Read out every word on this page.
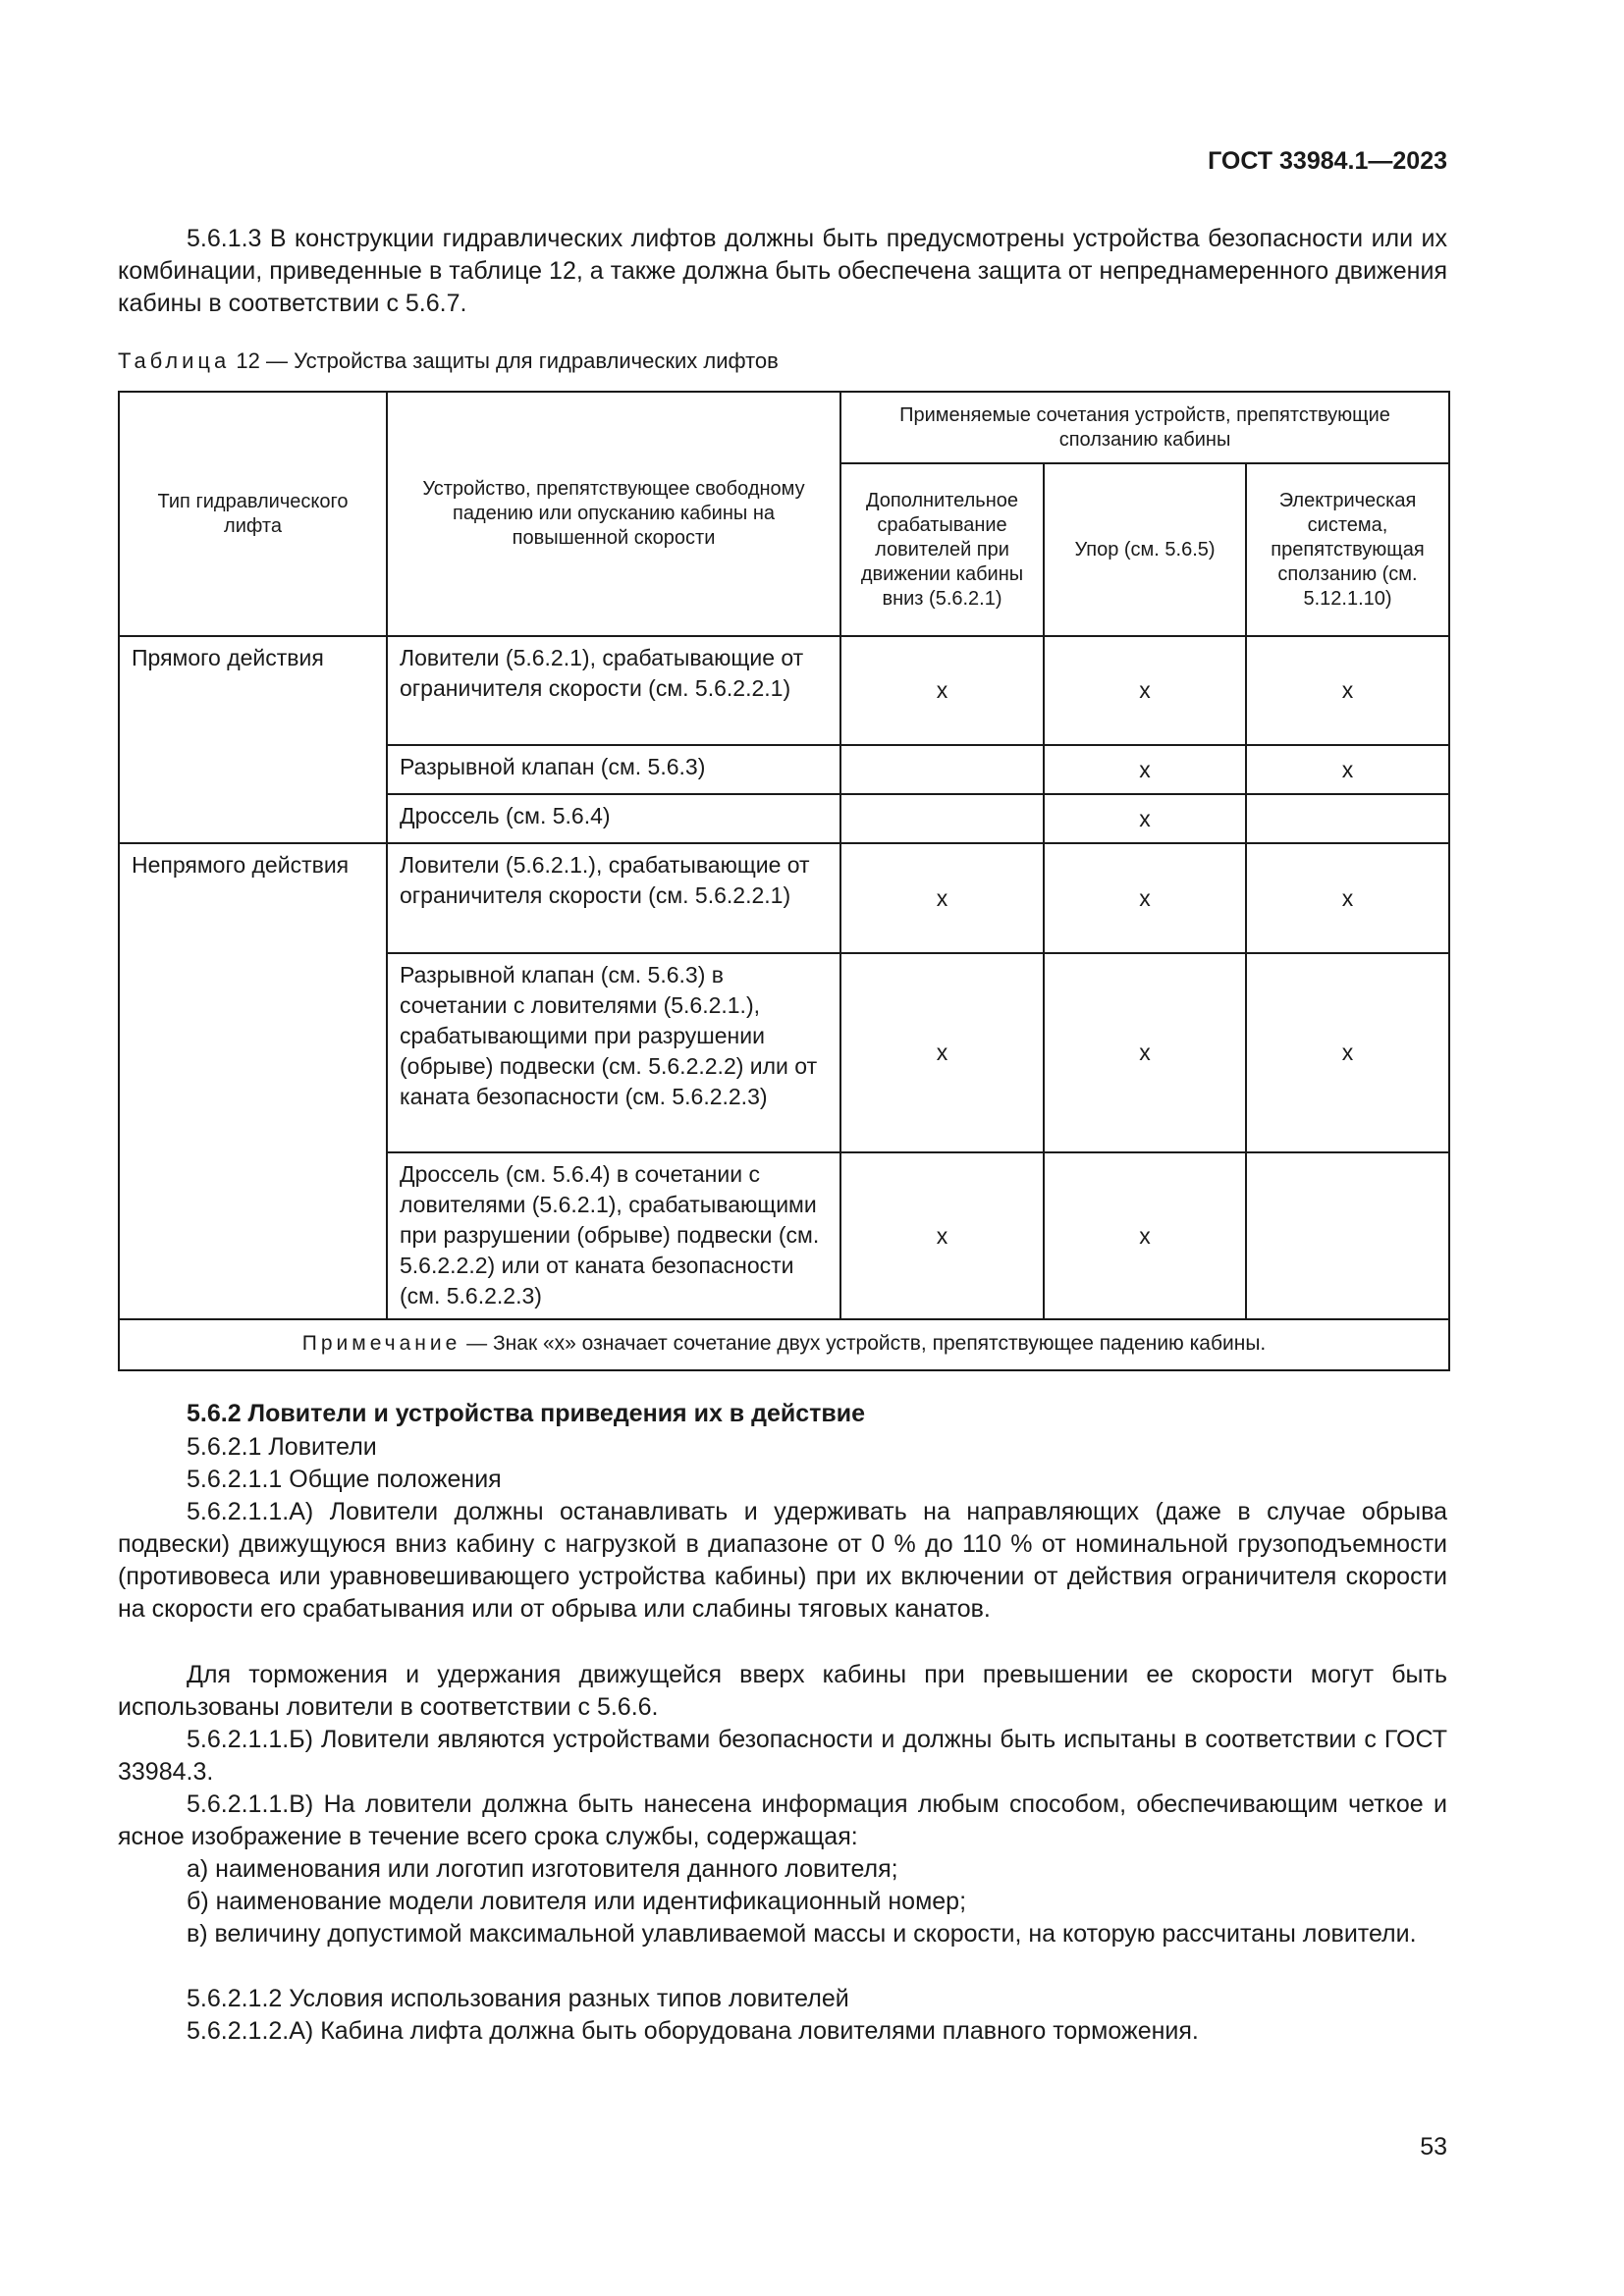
ГОСТ 33984.1—2023

5.6.1.3 В конструкции гидравлических лифтов должны быть предусмотрены устройства безопасности или их комбинации, приведенные в таблице 12, а также должна быть обеспечена защита от непреднамеренного движения кабины в соответствии с 5.6.7.

Таблица 12 — Устройства защиты для гидравлических лифтов
Тип гидравлического лифта	Устройство, препятствующее свободному падению или опусканию кабины на повышенной скорости	Применяемые сочетания устройств, препятствующие сползанию кабины		
		Дополнительное срабатывание ловителей при движении кабины вниз (5.6.2.1)	Упор (см. 5.6.5)	Электрическая система, препятствующая сползанию (см. 5.12.1.10)
Прямого действия	Ловители (5.6.2.1), срабатывающие от ограничителя скорости (см. 5.6.2.2.1)	x	x	x
	Разрывной клапан (см. 5.6.3)		x	x
	Дроссель (см. 5.6.4)		x	
Непрямого действия	Ловители (5.6.2.1.), срабатывающие от ограничителя скорости (см. 5.6.2.2.1)	x	x	x
	Разрывной клапан (см. 5.6.3) в сочетании с ловителями (5.6.2.1.), срабатывающими при разрушении (обрыве) подвески (см. 5.6.2.2.2) или от каната безопасности (см. 5.6.2.2.3)	x	x	x
	Дроссель (см. 5.6.4) в сочетании с ловителями (5.6.2.1), срабатывающими при разрушении (обрыве) подвески (см. 5.6.2.2.2) или от каната безопасности (см. 5.6.2.2.3)	x	x	
Примечание — Знак «х» означает сочетание двух устройств, препятствующее падению кабины.				

5.6.2 Ловители и устройства приведения их в действие

5.6.2.1 Ловители

5.6.2.1.1 Общие положения

5.6.2.1.1.А) Ловители должны останавливать и удерживать на направляющих (даже в случае обрыва подвески) движущуюся вниз кабину с нагрузкой в диапазоне от 0 % до 110 % от номинальной грузоподъемности (противовеса или уравновешивающего устройства кабины) при их включении от действия ограничителя скорости на скорости его срабатывания или от обрыва или слабины тяговых канатов.

Для торможения и удержания движущейся вверх кабины при превышении ее скорости могут быть использованы ловители в соответствии с 5.6.6.

5.6.2.1.1.Б) Ловители являются устройствами безопасности и должны быть испытаны в соответствии с ГОСТ 33984.3.

5.6.2.1.1.В) На ловители должна быть нанесена информация любым способом, обеспечивающим четкое и ясное изображение в течение всего срока службы, содержащая:

а) наименования или логотип изготовителя данного ловителя;

б) наименование модели ловителя или идентификационный номер;

в) величину допустимой максимальной улавливаемой массы и скорости, на которую рассчитаны ловители.

5.6.2.1.2 Условия использования разных типов ловителей

5.6.2.1.2.А) Кабина лифта должна быть оборудована ловителями плавного торможения.

53
